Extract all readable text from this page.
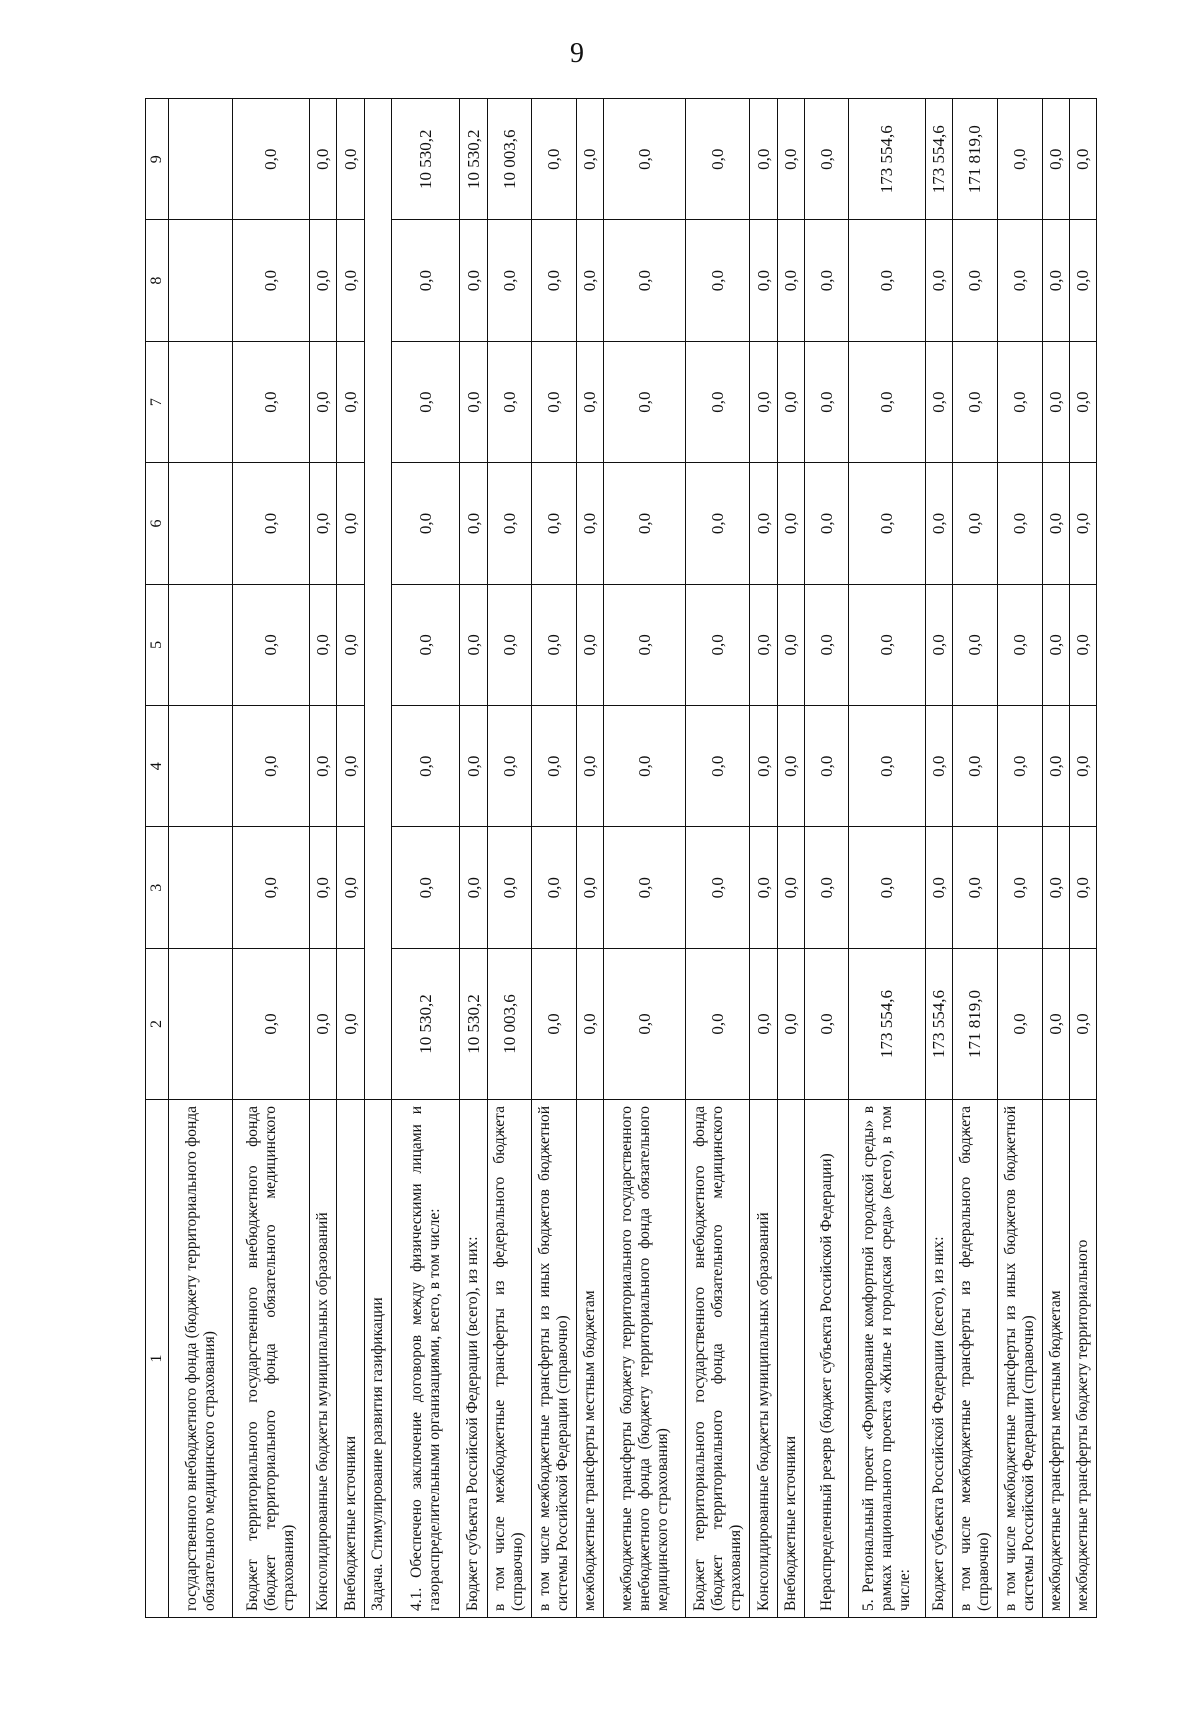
9
1	2	3	4	5	6	7	8	9
государственного внебюджетного фонда (бюджету территориального фонда обязательного медицинского страхования)								
Бюджет территориального государственного внебюджетного фонда (бюджет территориального фонда обязательного медицинского страхования)	0,0	0,0	0,0	0,0	0,0	0,0	0,0	0,0
Консолидированные бюджеты муниципальных образований	0,0	0,0	0,0	0,0	0,0	0,0	0,0	0,0
Внебюджетные источники	0,0	0,0	0,0	0,0	0,0	0,0	0,0	0,0
Задача. Стимулирование развития газификации								
4.1. Обеспечено заключение договоров между физическими лицами и газораспределительными организациями, всего, в том числе:	10 530,2	0,0	0,0	0,0	0,0	0,0	0,0	10 530,2
Бюджет субъекта Российской Федерации (всего), из них:	10 530,2	0,0	0,0	0,0	0,0	0,0	0,0	10 530,2
в том числе межбюджетные трансферты из федерального бюджета (справочно)	10 003,6	0,0	0,0	0,0	0,0	0,0	0,0	10 003,6
в том числе межбюджетные трансферты из иных бюджетов бюджетной системы Российской Федерации (справочно)	0,0	0,0	0,0	0,0	0,0	0,0	0,0	0,0
межбюджетные трансферты местным бюджетам	0,0	0,0	0,0	0,0	0,0	0,0	0,0	0,0
межбюджетные трансферты бюджету территориального государственного внебюджетного фонда (бюджету территориального фонда обязательного медицинского страхования)	0,0	0,0	0,0	0,0	0,0	0,0	0,0	0,0
Бюджет территориального государственного внебюджетного фонда (бюджет территориального фонда обязательного медицинского страхования)	0,0	0,0	0,0	0,0	0,0	0,0	0,0	0,0
Консолидированные бюджеты муниципальных образований	0,0	0,0	0,0	0,0	0,0	0,0	0,0	0,0
Внебюджетные источники	0,0	0,0	0,0	0,0	0,0	0,0	0,0	0,0
Нераспределенный резерв (бюджет субъекта Российской Федерации)	0,0	0,0	0,0	0,0	0,0	0,0	0,0	0,0
5. Региональный проект «Формирование комфортной городской среды» в рамках национального проекта «Жилье и городская среда» (всего), в том числе:	173 554,6	0,0	0,0	0,0	0,0	0,0	0,0	173 554,6
Бюджет субъекта Российской Федерации (всего), из них:	173 554,6	0,0	0,0	0,0	0,0	0,0	0,0	173 554,6
в том числе межбюджетные трансферты из федерального бюджета (справочно)	171 819,0	0,0	0,0	0,0	0,0	0,0	0,0	171 819,0
в том числе межбюджетные трансферты из иных бюджетов бюджетной системы Российской Федерации (справочно)	0,0	0,0	0,0	0,0	0,0	0,0	0,0	0,0
межбюджетные трансферты местным бюджетам	0,0	0,0	0,0	0,0	0,0	0,0	0,0	0,0
межбюджетные трансферты бюджету территориального	0,0	0,0	0,0	0,0	0,0	0,0	0,0	0,0
